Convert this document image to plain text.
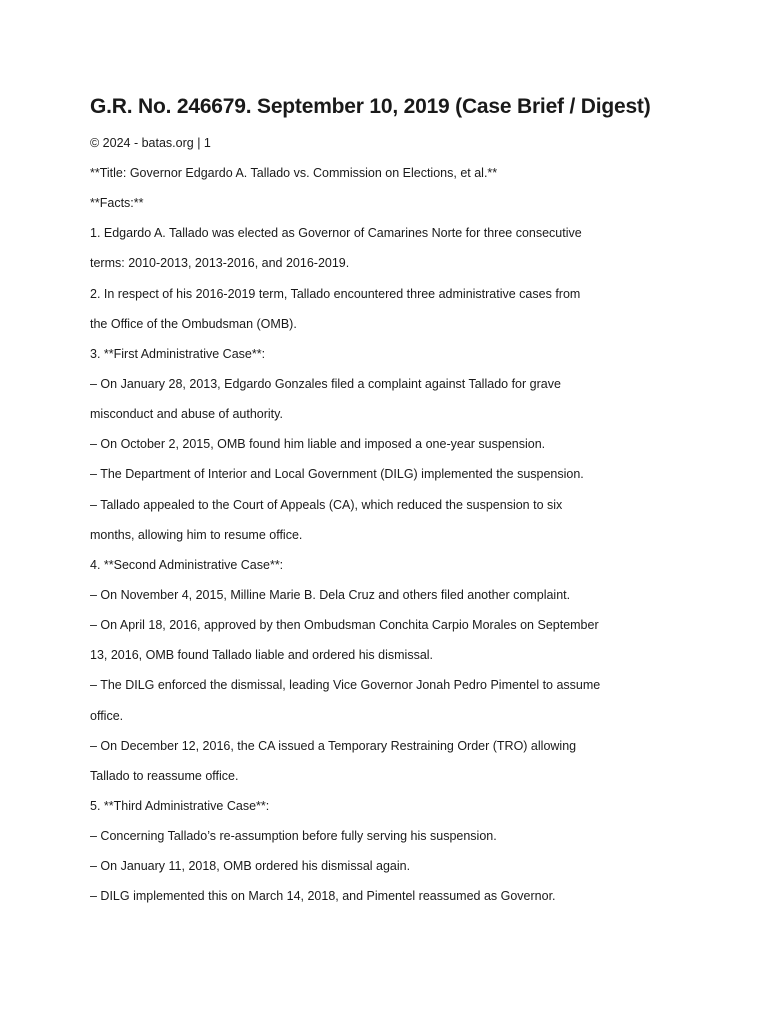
G.R. No. 246679. September 10, 2019 (Case Brief / Digest)
© 2024 - batas.org | 1
**Title: Governor Edgardo A. Tallado vs. Commission on Elections, et al.**
**Facts:**
1. Edgardo A. Tallado was elected as Governor of Camarines Norte for three consecutive
terms: 2010-2013, 2013-2016, and 2016-2019.
2. In respect of his 2016-2019 term, Tallado encountered three administrative cases from
the Office of the Ombudsman (OMB).
3. **First Administrative Case**:
– On January 28, 2013, Edgardo Gonzales filed a complaint against Tallado for grave
misconduct and abuse of authority.
– On October 2, 2015, OMB found him liable and imposed a one-year suspension.
– The Department of Interior and Local Government (DILG) implemented the suspension.
– Tallado appealed to the Court of Appeals (CA), which reduced the suspension to six
months, allowing him to resume office.
4. **Second Administrative Case**:
– On November 4, 2015, Milline Marie B. Dela Cruz and others filed another complaint.
– On April 18, 2016, approved by then Ombudsman Conchita Carpio Morales on September
13, 2016, OMB found Tallado liable and ordered his dismissal.
– The DILG enforced the dismissal, leading Vice Governor Jonah Pedro Pimentel to assume
office.
– On December 12, 2016, the CA issued a Temporary Restraining Order (TRO) allowing
Tallado to reassume office.
5. **Third Administrative Case**:
– Concerning Tallado’s re-assumption before fully serving his suspension.
– On January 11, 2018, OMB ordered his dismissal again.
– DILG implemented this on March 14, 2018, and Pimentel reassumed as Governor.
